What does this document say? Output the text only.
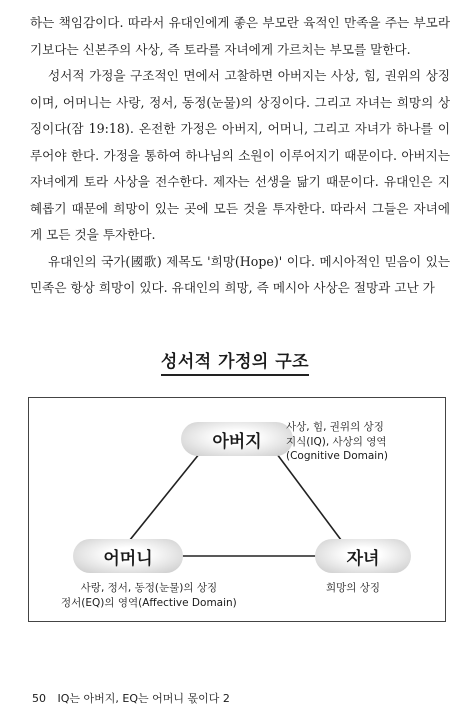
하는 책임감이다. 따라서 유대인에게 좋은 부모란 육적인 만족을 주는 부모라기보다는 신본주의 사상, 즉 토라를 자녀에게 가르치는 부모를 말한다.

성서적 가정을 구조적인 면에서 고찰하면 아버지는 사상, 힘, 권위의 상징이며, 어머니는 사랑, 정서, 동정(눈물)의 상징이다. 그리고 자녀는 희망의 상징이다(잠 19:18). 온전한 가정은 아버지, 어머니, 그리고 자녀가 하나를 이루어야 한다. 가정을 통하여 하나님의 소원이 이루어지기 때문이다. 아버지는 자녀에게 토라 사상을 전수한다. 제자는 선생을 닮기 때문이다. 유대인은 지혜롭기 때문에 희망이 있는 곳에 모든 것을 투자한다. 따라서 그들은 자녀에게 모든 것을 투자한다.

유대인의 국가(國歌) 제목도 '희망(Hope)' 이다. 메시아적인 믿음이 있는 민족은 항상 희망이 있다. 유대인의 희망, 즉 메시아 사상은 절망과 고난 가

성서적 가정의 구조
아버지
사상, 힘, 권위의 상징
지식(IQ), 사상의 영역
(Cognitive Domain)
어머니
사랑, 정서, 동정(눈물)의 상징
정서(EQ)의 영역(Affective Domain)
자녀
희망의 상징
50 IQ는 아버지, EQ는 어머니 몫이다 2
